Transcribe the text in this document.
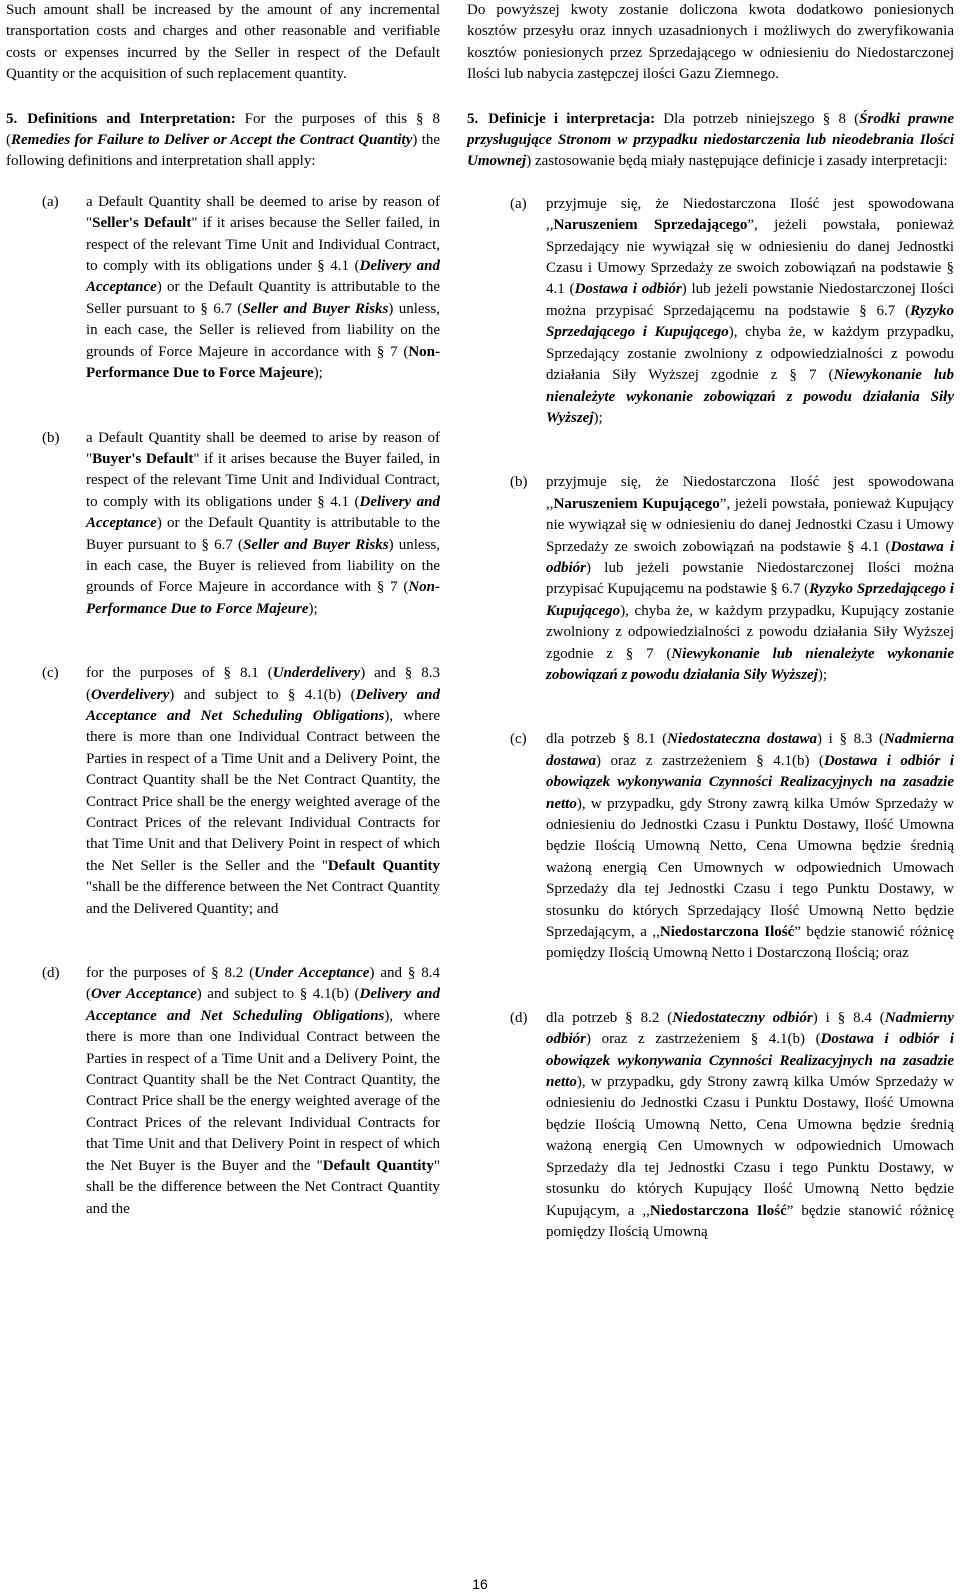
Such amount shall be increased by the amount of any incremental transportation costs and charges and other reasonable and verifiable costs or expenses incurred by the Seller in respect of the Default Quantity or the acquisition of such replacement quantity.

5. Definitions and Interpretation: For the purposes of this § 8 (Remedies for Failure to Deliver or Accept the Contract Quantity) the following definitions and interpretation shall apply:

(a)	a Default Quantity shall be deemed to arise by reason of "Seller's Default" if it arises because the Seller failed, in respect of the relevant Time Unit and Individual Contract, to comply with its obligations under § 4.1 (Delivery and Acceptance) or the Default Quantity is attributable to the Seller pursuant to § 6.7 (Seller and Buyer Risks) unless, in each case, the Seller is relieved from liability on the grounds of Force Majeure in accordance with § 7 (Non-Performance Due to Force Majeure);
(b)	a Default Quantity shall be deemed to arise by reason of "Buyer's Default" if it arises because the Buyer failed, in respect of the relevant Time Unit and Individual Contract, to comply with its obligations under § 4.1 (Delivery and Acceptance) or the Default Quantity is attributable to the Buyer pursuant to § 6.7 (Seller and Buyer Risks) unless, in each case, the Buyer is relieved from liability on the grounds of Force Majeure in accordance with § 7 (Non-Performance Due to Force Majeure);
(c)	for the purposes of § 8.1 (Underdelivery) and § 8.3 (Overdelivery) and subject to § 4.1(b) (Delivery and Acceptance and Net Scheduling Obligations), where there is more than one Individual Contract between the Parties in respect of a Time Unit and a Delivery Point, the Contract Quantity shall be the Net Contract Quantity, the Contract Price shall be the energy weighted average of the Contract Prices of the relevant Individual Contracts for that Time Unit and that Delivery Point in respect of which the Net Seller is the Seller and the "Default Quantity "shall be the difference between the Net Contract Quantity and the Delivered Quantity; and
(d)	for the purposes of § 8.2 (Under Acceptance) and § 8.4 (Over Acceptance) and subject to § 4.1(b) (Delivery and Acceptance and Net Scheduling Obligations), where there is more than one Individual Contract between the Parties in respect of a Time Unit and a Delivery Point, the Contract Quantity shall be the Net Contract Quantity, the Contract Price shall be the energy weighted average of the Contract Prices of the relevant Individual Contracts for that Time Unit and that Delivery Point in respect of which the Net Buyer is the Buyer and the "Default Quantity" shall be the difference between the Net Contract Quantity and the

Do powyższej kwoty zostanie doliczona kwota dodatkowo poniesionych kosztów przesyłu oraz innych uzasadnionych i możliwych do zweryfikowania kosztów poniesionych przez Sprzedającego w odniesieniu do Niedostarczonej Ilości lub nabycia zastępczej ilości Gazu Ziemnego.

5. Definicje i interpretacja: Dla potrzeb niniejszego § 8 (Środki prawne przysługujące Stronom w przypadku niedostarczenia lub nieodebrania Ilości Umownej) zastosowanie będą miały następujące definicje i zasady interpretacji:

(a)	przyjmuje się, że Niedostarczona Ilość jest spowodowana ,,Naruszeniem Sprzedającego”, jeżeli powstała, ponieważ Sprzedający nie wywiązał się w odniesieniu do danej Jednostki Czasu i Umowy Sprzedaży ze swoich zobowiązań na podstawie § 4.1 (Dostawa i odbiór) lub jeżeli powstanie Niedostarczonej Ilości można przypisać Sprzedającemu na podstawie § 6.7 (Ryzyko Sprzedającego i Kupującego), chyba że, w każdym przypadku, Sprzedający zostanie zwolniony z odpowiedzialności z powodu działania Siły Wyższej zgodnie z § 7 (Niewykonanie lub nienależyte wykonanie zobowiązań z powodu działania Siły Wyższej);
(b)	przyjmuje się, że Niedostarczona Ilość jest spowodowana ,,Naruszeniem Kupującego”, jeżeli powstała, ponieważ Kupujący nie wywiązał się w odniesieniu do danej Jednostki Czasu i Umowy Sprzedaży ze swoich zobowiązań na podstawie § 4.1 (Dostawa i odbiór) lub jeżeli powstanie Niedostarczonej Ilości można przypisać Kupującemu na podstawie § 6.7 (Ryzyko Sprzedającego i Kupującego), chyba że, w każdym przypadku, Kupujący zostanie zwolniony z odpowiedzialności z powodu działania Siły Wyższej zgodnie z § 7 (Niewykonanie lub nienależyte wykonanie zobowiązań z powodu działania Siły Wyższej);
(c)	dla potrzeb § 8.1 (Niedostateczna dostawa) i § 8.3 (Nadmierna dostawa) oraz z zastrzeżeniem § 4.1(b) (Dostawa i odbiór i obowiązek wykonywania Czynności Realizacyjnych na zasadzie netto), w przypadku, gdy Strony zawrą kilka Umów Sprzedaży w odniesieniu do Jednostki Czasu i Punktu Dostawy, Ilość Umowna będzie Ilością Umowną Netto, Cena Umowna będzie średnią ważoną energią Cen Umownych w odpowiednich Umowach Sprzedaży dla tej Jednostki Czasu i tego Punktu Dostawy, w stosunku do których Sprzedający Ilość Umowną Netto będzie Sprzedającym, a ,,Niedostarczona Ilość” będzie stanowić różnicę pomiędzy Ilością Umowną Netto i Dostarczoną Ilością; oraz
(d)	dla potrzeb § 8.2 (Niedostateczny odbiór) i § 8.4 (Nadmierny odbiór) oraz z zastrzeżeniem § 4.1(b) (Dostawa i odbiór i obowiązek wykonywania Czynności Realizacyjnych na zasadzie netto), w przypadku, gdy Strony zawrą kilka Umów Sprzedaży w odniesieniu do Jednostki Czasu i Punktu Dostawy, Ilość Umowna będzie Ilością Umowną Netto, Cena Umowna będzie średnią ważoną energią Cen Umownych w odpowiednich Umowach Sprzedaży dla tej Jednostki Czasu i tego Punktu Dostawy, w stosunku do których Kupujący Ilość Umowną Netto będzie Kupującym, a ,,Niedostarczona Ilość” będzie stanowić różnicę pomiędzy Ilością Umowną
16
